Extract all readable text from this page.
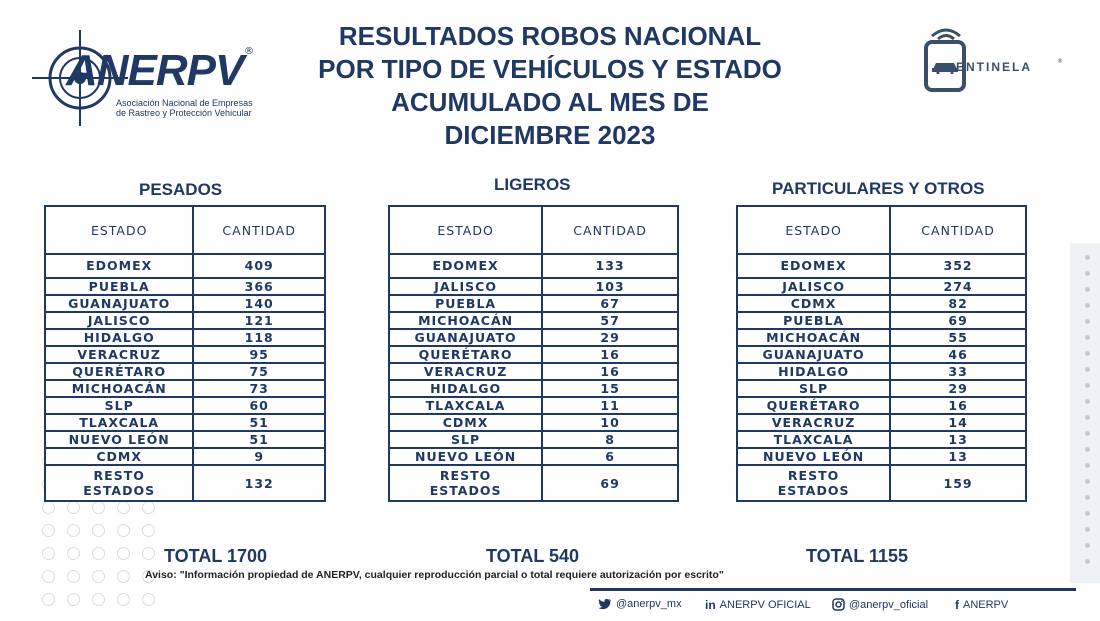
ANERPV ®
Asociación Nacional de Empresas
de Rastreo y Protección Vehicular
RESULTADOS ROBOS NACIONAL
POR TIPO DE VEHÍCULOS Y ESTADO
ACUMULADO AL MES DE
DICIEMBRE 2023
ENTINELA	®
PESADOS	LIGEROS	PARTICULARES Y OTROS
ESTADO	CANTIDAD
EDOMEX	409
PUEBLA	366
GUANAJUATO	140
JALISCO	121
HIDALGO	118
VERACRUZ	95
QUERÉTARO	75
MICHOACÁN	73
SLP	60
TLAXCALA	51
NUEVO LEÓN	51
CDMX	9

RESTO
ESTADOS	132
ESTADO	CANTIDAD
EDOMEX	133
JALISCO	103
PUEBLA	67
MICHOACÁN	57
GUANAJUATO	29
QUERÉTARO	16
VERACRUZ	16
HIDALGO	15
TLAXCALA	11
CDMX	10
SLP	8
NUEVO LEÓN	6

RESTO
ESTADOS	69
ESTADO	CANTIDAD
EDOMEX	352
JALISCO	274
CDMX	82
PUEBLA	69
MICHOACÁN	55
GUANAJUATO	46
HIDALGO	33
SLP	29
QUERÉTARO	16
VERACRUZ	14
TLAXCALA	13
NUEVO LEÓN	13

RESTO
ESTADOS	159
TOTAL 1700	TOTAL 540	TOTAL 1155
Aviso: "Información propiedad de ANERPV, cualquier reproducción parcial o total requiere autorización por escrito"
@anerpv_mx in ANERPV OFICIAL	@anerpv_oficial f ANERPV
